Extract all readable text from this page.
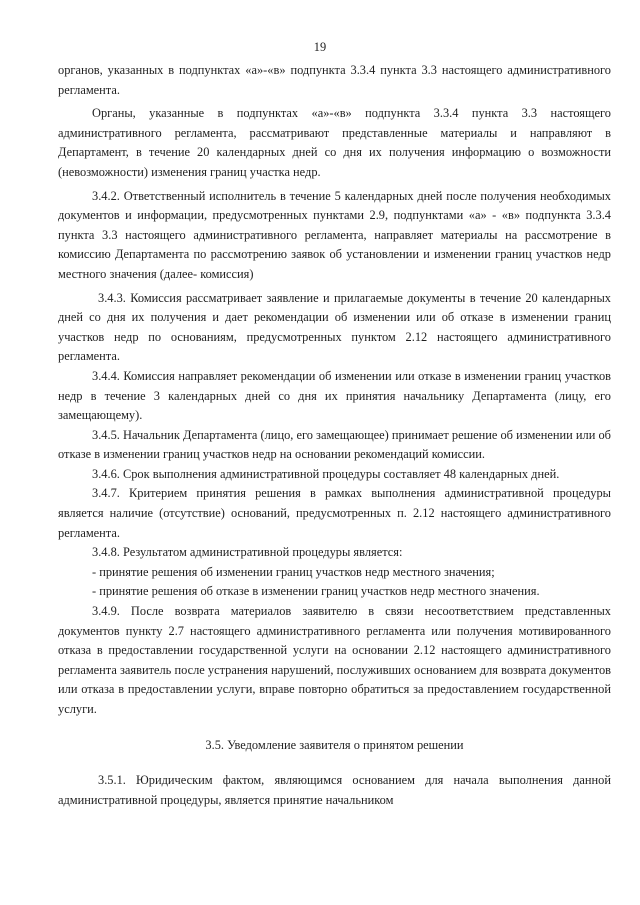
19

органов, указанных в подпунктах «а»-«в» подпункта 3.3.4 пункта 3.3 настоящего административного регламента.

Органы, указанные в подпунктах «а»-«в» подпункта 3.3.4 пункта 3.3 настоящего административного регламента, рассматривают представленные материалы и направляют в Департамент, в течение 20 календарных дней со дня их получения информацию о возможности (невозможности) изменения границ участка недр.

3.4.2. Ответственный исполнитель в течение 5 календарных дней после получения необходимых документов и информации, предусмотренных пунктами 2.9, подпунктами «а» - «в» подпункта 3.3.4 пункта 3.3 настоящего административного регламента, направляет материалы на рассмотрение в комиссию Департамента по рассмотрению заявок об установлении и изменении границ участков недр местного значения (далее- комиссия)

3.4.3. Комиссия рассматривает заявление и прилагаемые документы в течение 20 календарных дней со дня их получения и дает рекомендации об изменении или об отказе в изменении границ участков недр по основаниям, предусмотренных пунктом 2.12 настоящего административного регламента.

3.4.4. Комиссия направляет рекомендации об изменении или отказе в изменении границ участков недр в течение 3 календарных дней со дня их принятия начальнику Департамента (лицу, его замещающему).

3.4.5. Начальник Департамента (лицо, его замещающее) принимает решение об изменении или об отказе в изменении границ участков недр на основании рекомендаций комиссии.

3.4.6. Срок выполнения административной процедуры составляет 48 календарных дней.

3.4.7. Критерием принятия решения в рамках выполнения административной процедуры является наличие (отсутствие) оснований, предусмотренных п. 2.12 настоящего административного регламента.

3.4.8. Результатом административной процедуры является:

- принятие решения об изменении границ участков недр местного значения;

- принятие решения об отказе в изменении границ участков недр местного значения.

3.4.9. После возврата материалов заявителю в связи несоответствием представленных документов пункту 2.7 настоящего административного регламента или получения мотивированного отказа в предоставлении государственной услуги на основании 2.12 настоящего административного регламента заявитель после устранения нарушений, послуживших основанием для возврата документов или отказа в предоставлении услуги, вправе повторно обратиться за предоставлением государственной услуги.

3.5. Уведомление заявителя о принятом решении

3.5.1. Юридическим фактом, являющимся основанием для начала выполнения данной административной процедуры, является принятие начальником
